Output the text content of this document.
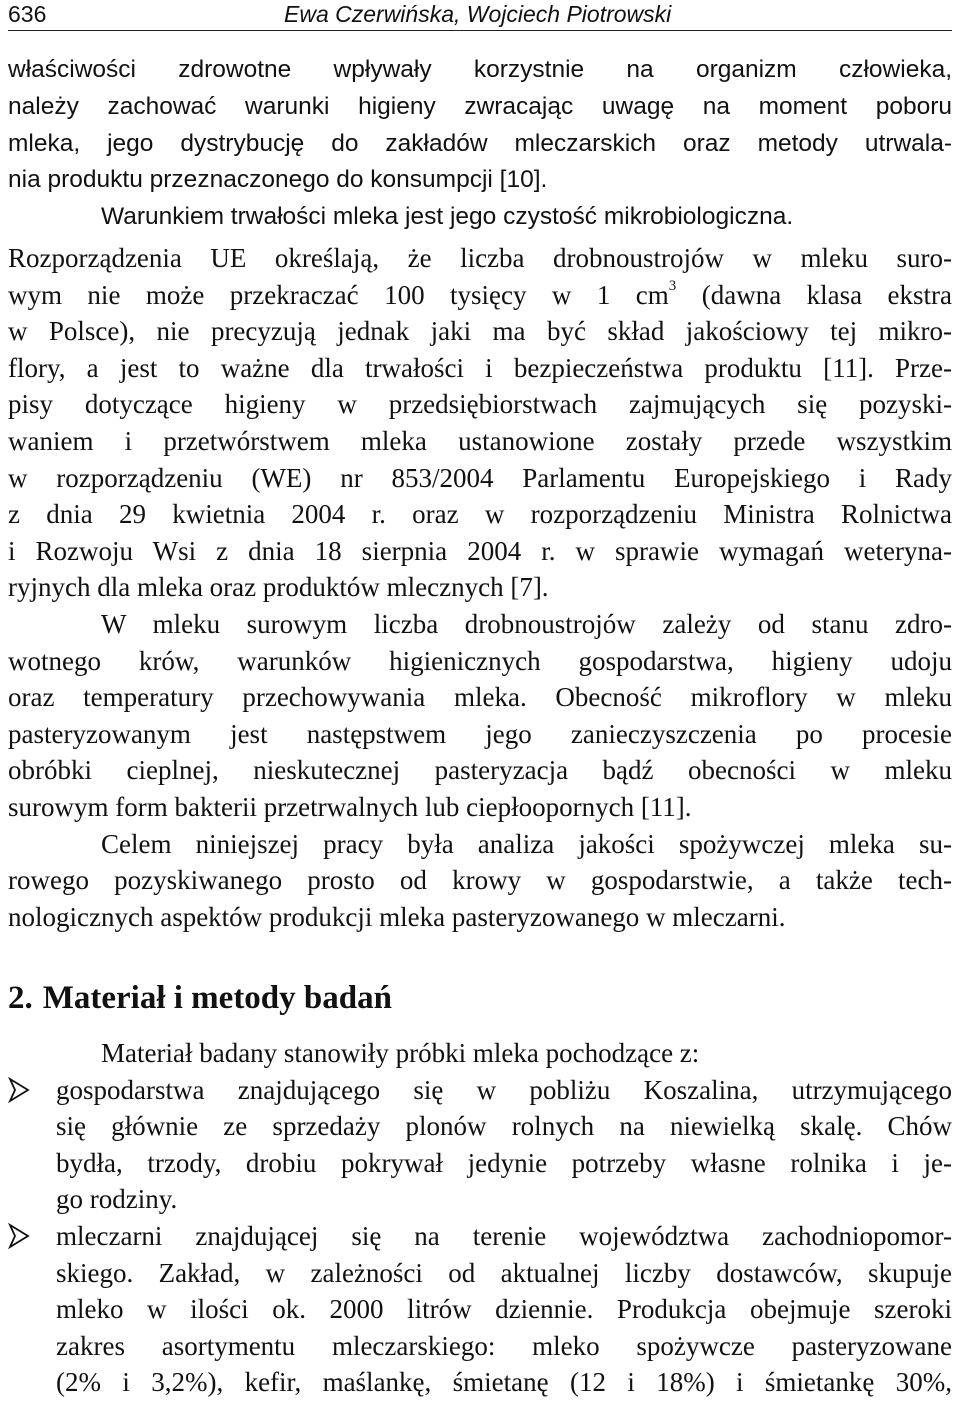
636	Ewa Czerwińska, Wojciech Piotrowski

właściwości zdrowotne wpływały korzystnie na organizm człowieka,
należy zachować warunki higieny zwracając uwagę na moment poboru
mleka, jego dystrybucję do zakładów mleczarskich oraz metody utrwala-
nia produktu przeznaczonego do konsumpcji [10].

Warunkiem trwałości mleka jest jego czystość mikrobiologiczna.

Rozporządzenia UE określają, że liczba drobnoustrojów w mleku suro-
wym nie może przekraczać 100 tysięcy w 1 $cm^3$ (dawna klasa ekstra
w Polsce), nie precyzują jednak jaki ma być skład jakościowy tej mikro-
flory, a jest to ważne dla trwałości i bezpieczeństwa produktu [11]. Prze-
pisy dotyczące higieny w przedsiębiorstwach zajmujących się pozyski-
waniem i przetwórstwem mleka ustanowione zostały przede wszystkim
w rozporządzeniu (WE) nr 853/2004 Parlamentu Europejskiego i Rady
z dnia 29 kwietnia 2004 r. oraz w rozporządzeniu Ministra Rolnictwa
i Rozwoju Wsi z dnia 18 sierpnia 2004 r. w sprawie wymagań weteryna-
ryjnych dla mleka oraz produktów mlecznych [7].

W mleku surowym liczba drobnoustrojów zależy od stanu zdro-
wotnego krów, warunków higienicznych gospodarstwa, higieny udoju
oraz temperatury przechowywania mleka. Obecność mikroflory w mleku
pasteryzowanym jest następstwem jego zanieczyszczenia po procesie
obróbki cieplnej, nieskutecznej pasteryzacja bądź obecności w mleku
surowym form bakterii przetrwalnych lub ciepłoopornych [11].

Celem niniejszej pracy była analiza jakości spożywczej mleka su-
rowego pozyskiwanego prosto od krowy w gospodarstwie, a także tech-
nologicznych aspektów produkcji mleka pasteryzowanego w mleczarni.

2. Materiał i metody badań

Materiał badany stanowiły próbki mleka pochodzące z:

gospodarstwa znajdującego się w pobliżu Koszalina, utrzymującego
się głównie ze sprzedaży plonów rolnych na niewielką skalę. Chów
bydła, trzody, drobiu pokrywał jedynie potrzeby własne rolnika i je-
go rodziny.
mleczarni znajdującej się na terenie województwa zachodniopomor-
skiego. Zakład, w zależności od aktualnej liczby dostawców, skupuje
mleko w ilości ok. 2000 litrów dziennie. Produkcja obejmuje szeroki
zakres asortymentu mleczarskiego: mleko spożywcze pasteryzowane
(2% i 3,2%), kefir, maślankę, śmietanę (12 i 18%) i śmietankę 30%,
